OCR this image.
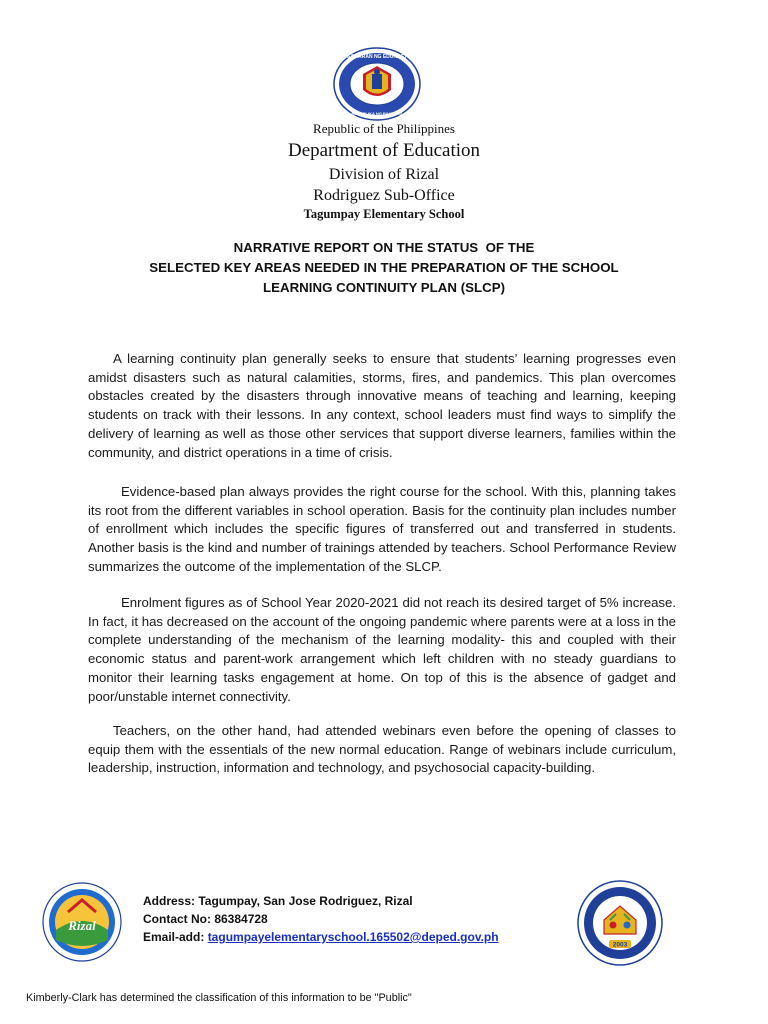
KAGAWARAN NG EDUKASYON
REPUBLIKA NG PILIPINAS
Republic of the Philippines
Department of Education
Division of Rizal
Rodriguez Sub-Office
Tagumpay Elementary School
NARRATIVE REPORT ON THE STATUS  OF THE
SELECTED KEY AREAS NEEDED IN THE PREPARATION OF THE SCHOOL
LEARNING CONTINUITY PLAN (SLCP)
A learning continuity plan generally seeks to ensure that students’ learning progresses even amidst disasters such as natural calamities, storms, fires, and pandemics. This plan overcomes obstacles created by the disasters through innovative means of teaching and learning, keeping students on track with their lessons. In any context, school leaders must find ways to simplify the delivery of learning as well as those other services that support diverse learners, families within the community, and district operations in a time of crisis.
Evidence-based plan always provides the right course for the school. With this, planning takes its root from the different variables in school operation. Basis for the continuity plan includes number of enrollment which includes the specific figures of transferred out and transferred in students. Another basis is the kind and number of trainings attended by teachers. School Performance Review summarizes the outcome of the implementation of the SLCP.
Enrolment figures as of School Year 2020-2021 did not reach its desired target of 5% increase. In fact, it has decreased on the account of the ongoing pandemic where parents were at a loss in the complete understanding of the mechanism of the learning modality- this and coupled with their economic status and parent-work arrangement which left children with no steady guardians to monitor their learning tasks engagement at home. On top of this is the absence of gadget and poor/unstable internet connectivity.
Teachers, on the other hand, had attended webinars even before the opening of classes to equip them with the essentials of the new normal education. Range of webinars include curriculum, leadership, instruction, information and technology, and psychosocial capacity-building.
Rizal
Address: Tagumpay, San Jose Rodriguez, Rizal
Contact No: 86384728
Email-add: tagumpayelementaryschool.165502@deped.gov.ph
2003
Kimberly-Clark has determined the classification of this information to be "Public"
